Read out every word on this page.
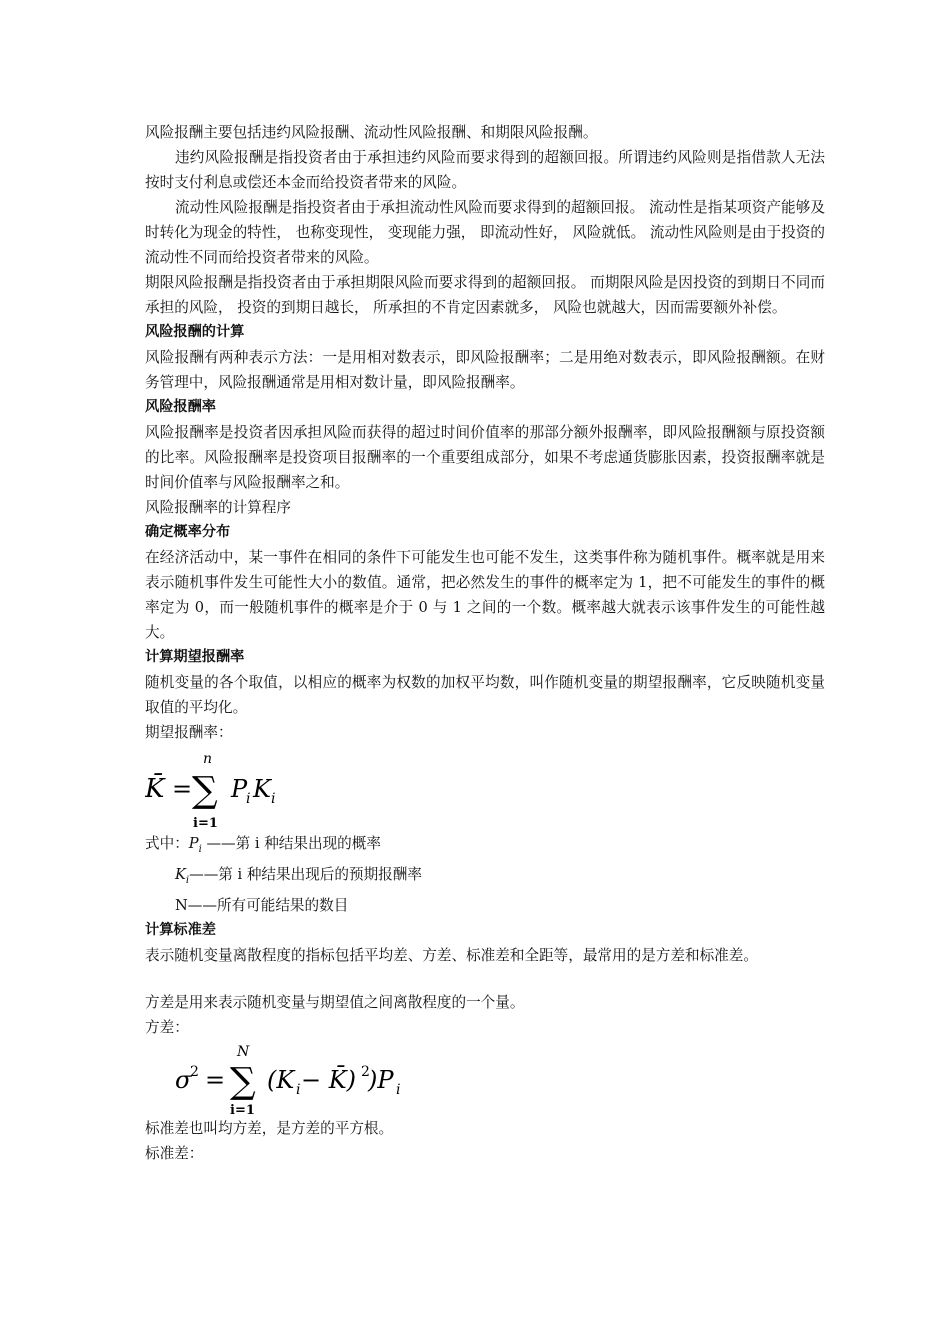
风险报酬主要包括违约风险报酬、流动性风险报酬、和期限风险报酬。

违约风险报酬是指投资者由于承担违约风险而要求得到的超额回报。所谓违约风险则是指借款人无法按时支付利息或偿还本金而给投资者带来的风险。

流动性风险报酬是指投资者由于承担流动性风险而要求得到的超额回报。 流动性是指某项资产能够及时转化为现金的特性， 也称变现性， 变现能力强， 即流动性好， 风险就低。 流动性风险则是由于投资的流动性不同而给投资者带来的风险。

期限风险报酬是指投资者由于承担期限风险而要求得到的超额回报。 而期限风险是因投资的到期日不同而承担的风险， 投资的到期日越长， 所承担的不肯定因素就多， 风险也就越大，因而需要额外补偿。

风险报酬的计算

风险报酬有两种表示方法：一是用相对数表示，即风险报酬率；二是用绝对数表示，即风险报酬额。在财务管理中，风险报酬通常是用相对数计量，即风险报酬率。

风险报酬率

风险报酬率是投资者因承担风险而获得的超过时间价值率的那部分额外报酬率，即风险报酬额与原投资额的比率。风险报酬率是投资项目报酬率的一个重要组成部分，如果不考虑通货膨胀因素，投资报酬率就是时间价值率与风险报酬率之和。

风险报酬率的计算程序

确定概率分布

在经济活动中，某一事件在相同的条件下可能发生也可能不发生，这类事件称为随机事件。概率就是用来表示随机事件发生可能性大小的数值。通常，把必然发生的事件的概率定为 1，把不可能发生的事件的概率定为 0，而一般随机事件的概率是介于 0 与 1 之间的一个数。概率越大就表示该事件发生的可能性越大。

计算期望报酬率

随机变量的各个取值，以相应的概率为权数的加权平均数，叫作随机变量的期望报酬率，它反映随机变量取值的平均化。

期望报酬率：

K̄ =
n
∑
i=1
P
i K i

式中：$P_i$ ——第 i 种结果出现的概率

$K_i——$第 i 种结果出现后的预期报酬率

N——所有可能结果的数目

计算标准差

表示随机变量离散程度的指标包括平均差、方差、标准差和全距等，最常用的是方差和标准差。

方差是用来表示随机变量与期望值之间离散程度的一个量。

方差：

σ
2 =
N
∑
i=1
(K i − K̄) 2
)P i

标准差也叫均方差，是方差的平方根。

标准差：
